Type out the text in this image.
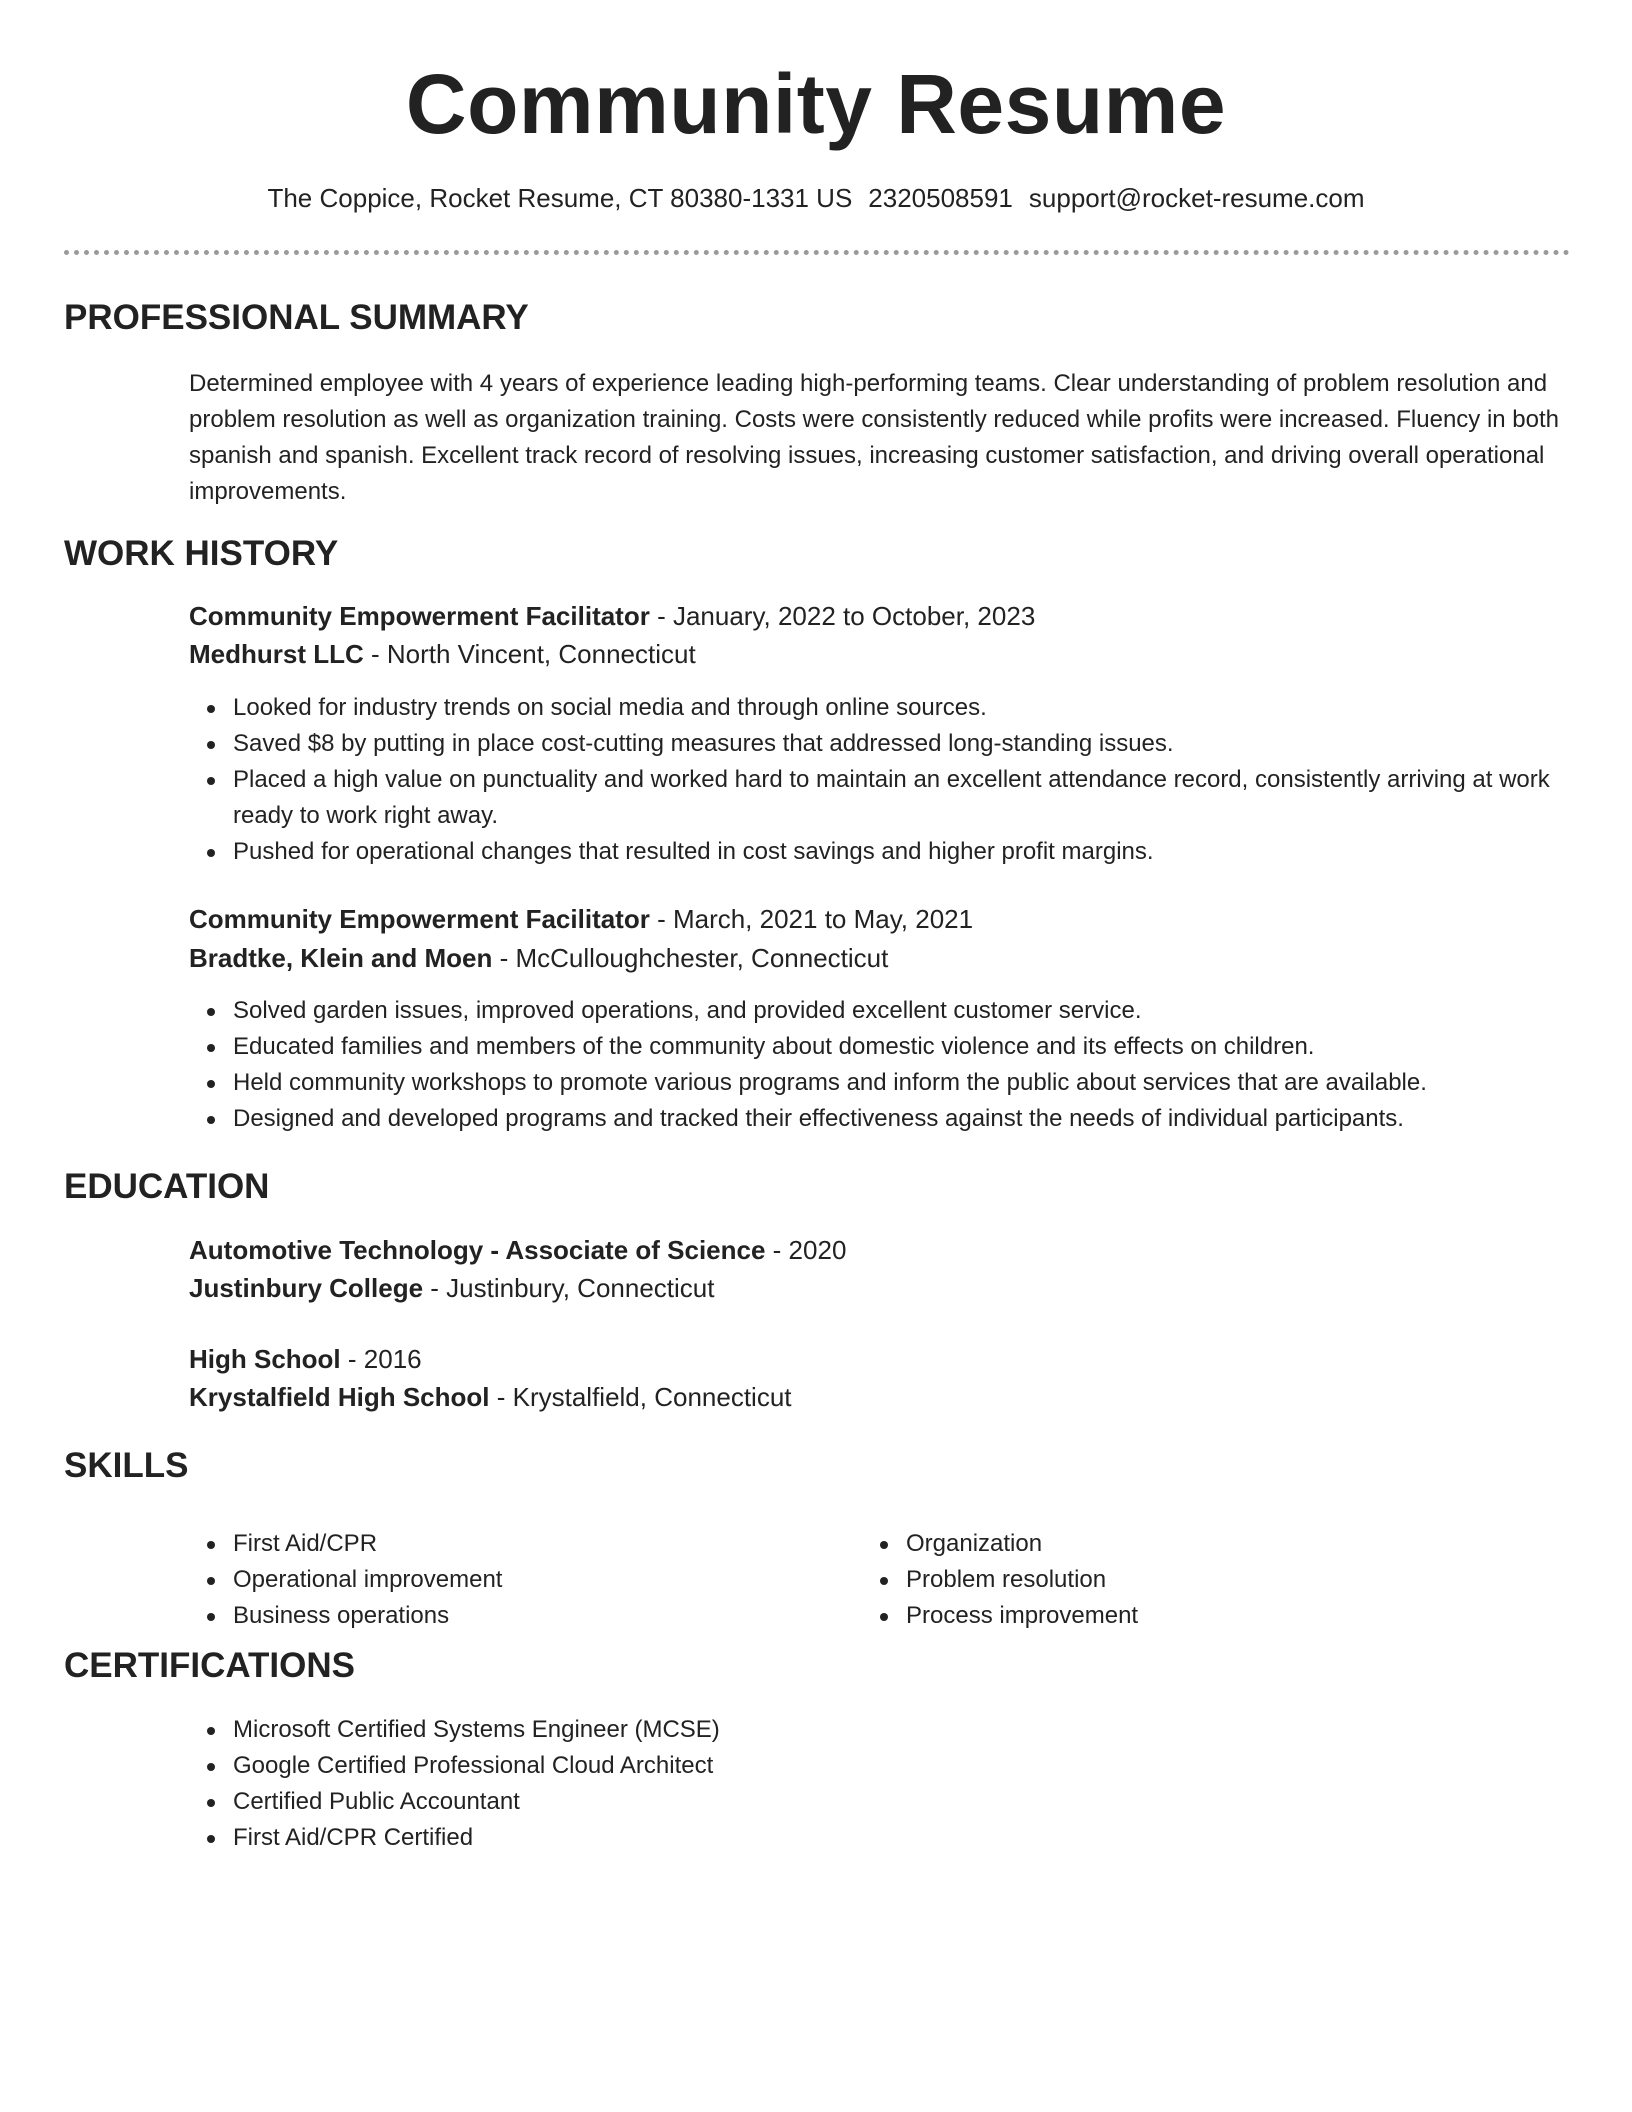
Community Resume
The Coppice, Rocket Resume, CT 80380-1331 US 2320508591 support@rocket-resume.com
PROFESSIONAL SUMMARY

Determined employee with 4 years of experience leading high-performing teams. Clear understanding of problem resolution and problem resolution as well as organization training. Costs were consistently reduced while profits were increased. Fluency in both spanish and spanish. Excellent track record of resolving issues, increasing customer satisfaction, and driving overall operational improvements.

WORK HISTORY
Community Empowerment Facilitator - January, 2022 to October, 2023
Medhurst LLC - North Vincent, Connecticut
Looked for industry trends on social media and through online sources.
Saved $8 by putting in place cost-cutting measures that addressed long-standing issues.
Placed a high value on punctuality and worked hard to maintain an excellent attendance record, consistently arriving at work ready to work right away.
Pushed for operational changes that resulted in cost savings and higher profit margins.
Community Empowerment Facilitator - March, 2021 to May, 2021
Bradtke, Klein and Moen - McCulloughchester, Connecticut
Solved garden issues, improved operations, and provided excellent customer service.
Educated families and members of the community about domestic violence and its effects on children.
Held community workshops to promote various programs and inform the public about services that are available.
Designed and developed programs and tracked their effectiveness against the needs of individual participants.
EDUCATION
Automotive Technology - Associate of Science - 2020
Justinbury College - Justinbury, Connecticut
High School - 2016
Krystalfield High School - Krystalfield, Connecticut
SKILLS
First Aid/CPR
Operational improvement
Business operations
Organization
Problem resolution
Process improvement
CERTIFICATIONS
Microsoft Certified Systems Engineer (MCSE)
Google Certified Professional Cloud Architect
Certified Public Accountant
First Aid/CPR Certified
